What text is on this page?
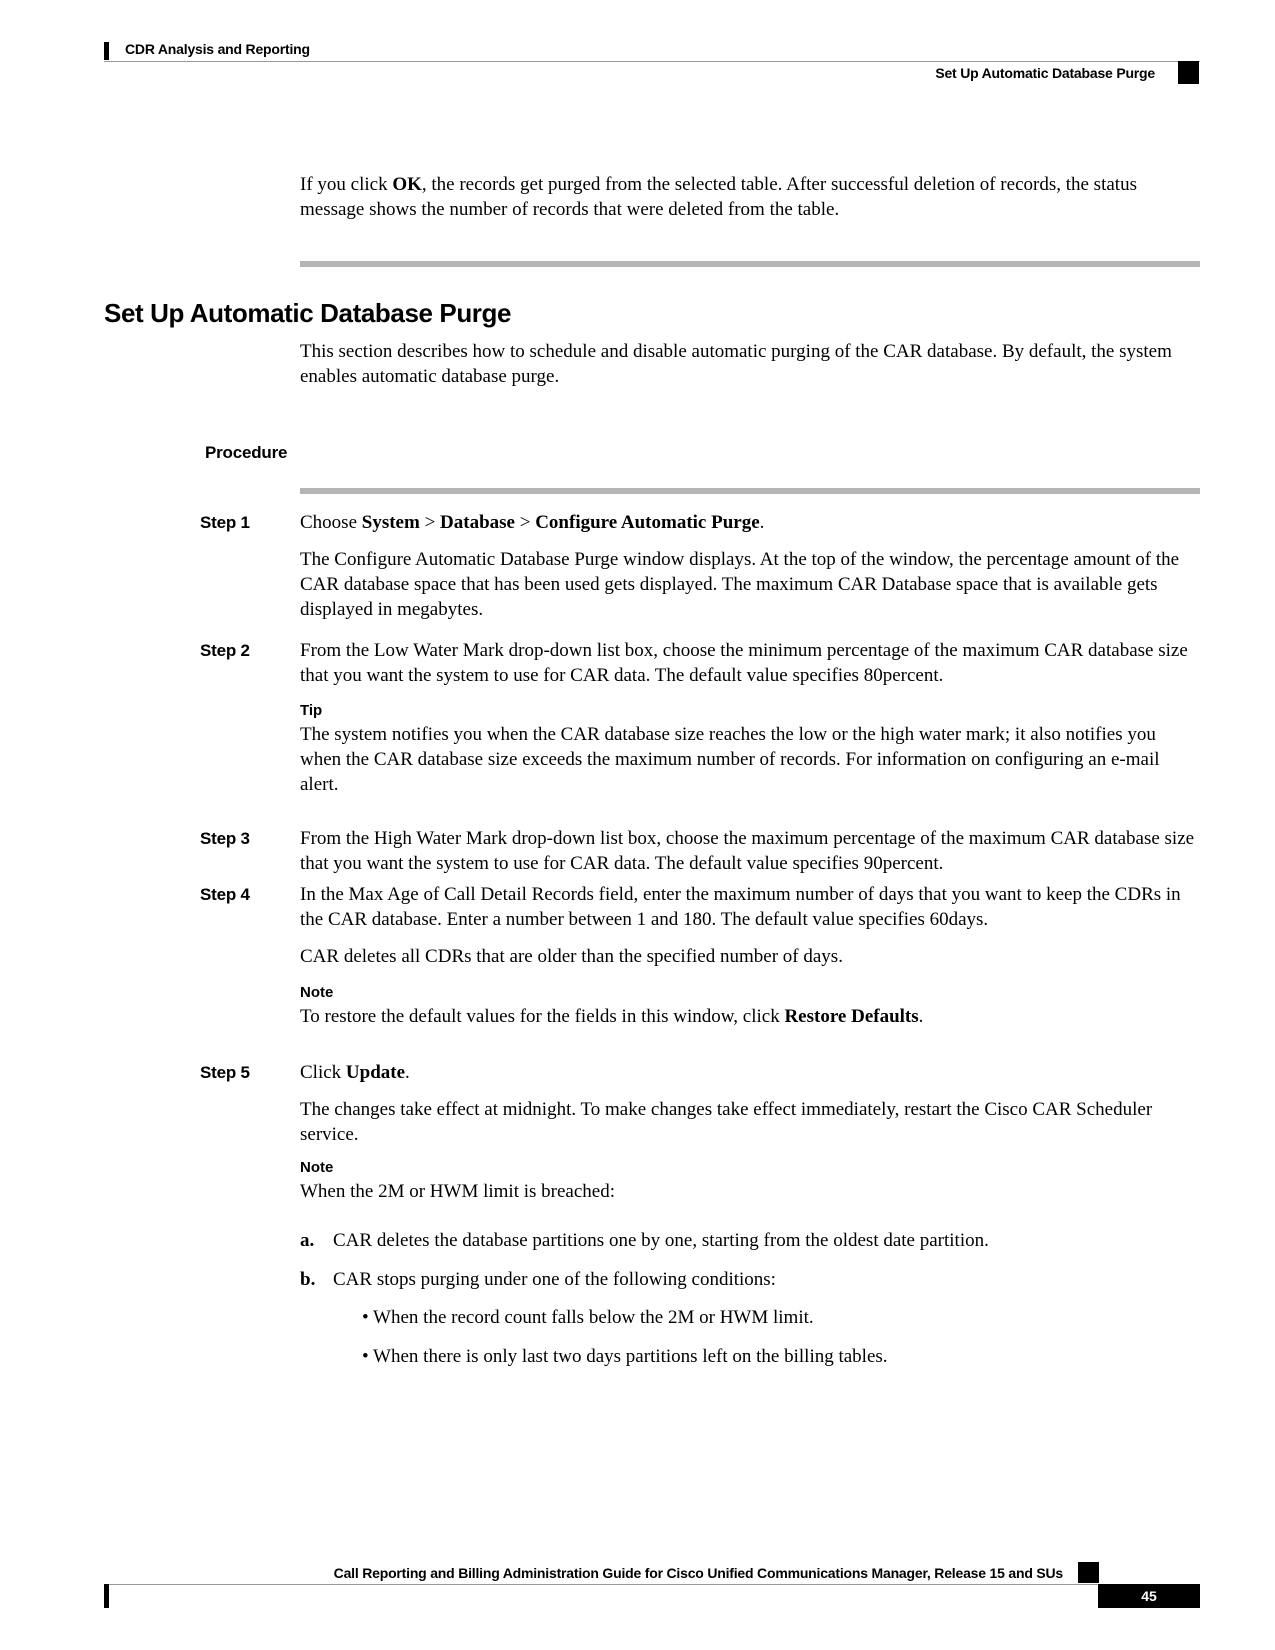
CDR Analysis and Reporting
Set Up Automatic Database Purge
If you click OK, the records get purged from the selected table. After successful deletion of records, the status message shows the number of records that were deleted from the table.
Set Up Automatic Database Purge
This section describes how to schedule and disable automatic purging of the CAR database. By default, the system enables automatic database purge.
Procedure
Step 1	Choose System > Database > Configure Automatic Purge.
The Configure Automatic Database Purge window displays. At the top of the window, the percentage amount of the CAR database space that has been used gets displayed. The maximum CAR Database space that is available gets displayed in megabytes.
Step 2	From the Low Water Mark drop-down list box, choose the minimum percentage of the maximum CAR database size that you want the system to use for CAR data. The default value specifies 80percent.
Tip
The system notifies you when the CAR database size reaches the low or the high water mark; it also notifies you when the CAR database size exceeds the maximum number of records. For information on configuring an e-mail alert.
Step 3	From the High Water Mark drop-down list box, choose the maximum percentage of the maximum CAR database size that you want the system to use for CAR data. The default value specifies 90percent.
Step 4	In the Max Age of Call Detail Records field, enter the maximum number of days that you want to keep the CDRs in the CAR database. Enter a number between 1 and 180. The default value specifies 60days.
CAR deletes all CDRs that are older than the specified number of days.
Note
To restore the default values for the fields in this window, click Restore Defaults.
Step 5	Click Update.
The changes take effect at midnight. To make changes take effect immediately, restart the Cisco CAR Scheduler service.
Note
When the 2M or HWM limit is breached:
a. CAR deletes the database partitions one by one, starting from the oldest date partition.
b. CAR stops purging under one of the following conditions:
• When the record count falls below the 2M or HWM limit.
• When there is only last two days partitions left on the billing tables.
Call Reporting and Billing Administration Guide for Cisco Unified Communications Manager, Release 15 and SUs
45
